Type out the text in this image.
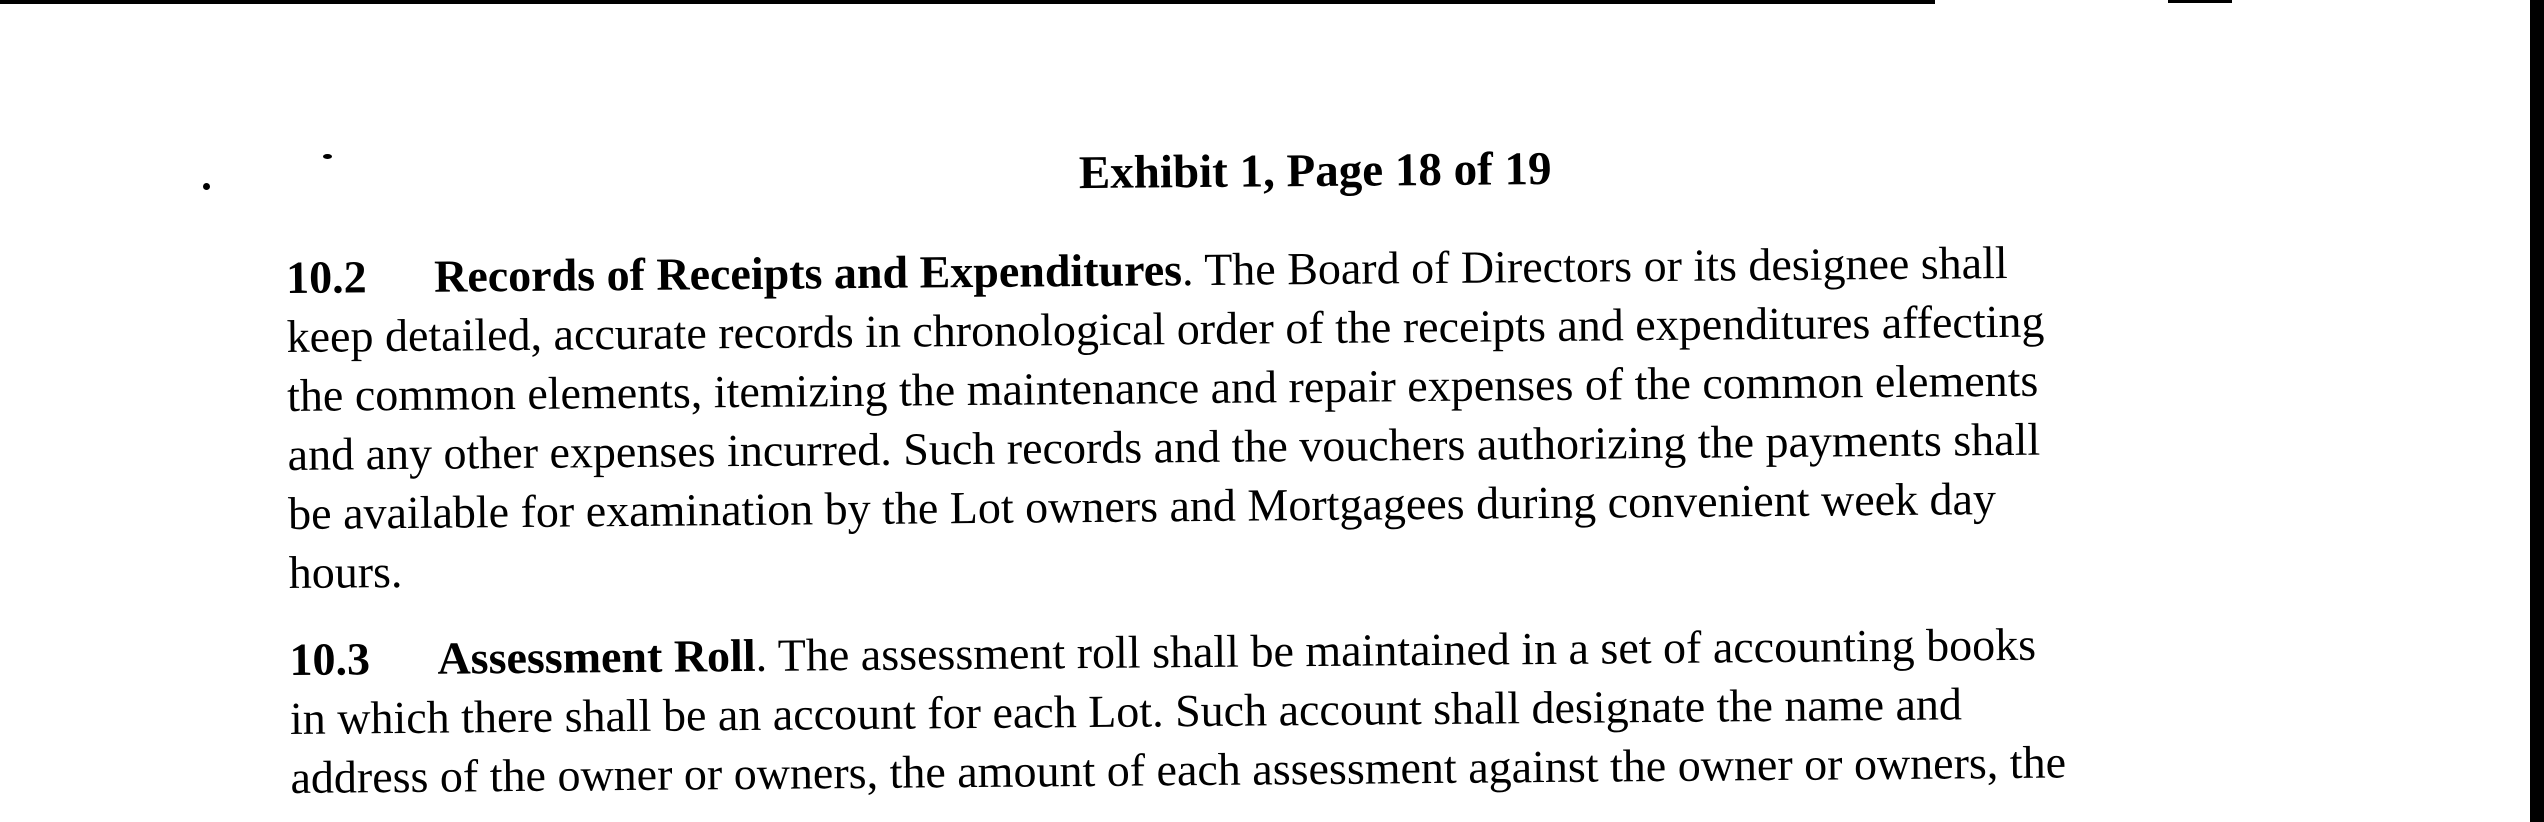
Exhibit 1, Page 18 of 19
10.2 Records of Receipts and Expenditures. The Board of Directors or its designee shall
keep detailed, accurate records in chronological order of the receipts and expenditures affecting
the common elements, itemizing the maintenance and repair expenses of the common elements
and any other expenses incurred. Such records and the vouchers authorizing the payments shall
be available for examination by the Lot owners and Mortgagees during convenient week day
hours.
10.3 Assessment Roll. The assessment roll shall be maintained in a set of accounting books
in which there shall be an account for each Lot. Such account shall designate the name and
address of the owner or owners, the amount of each assessment against the owner or owners, the
